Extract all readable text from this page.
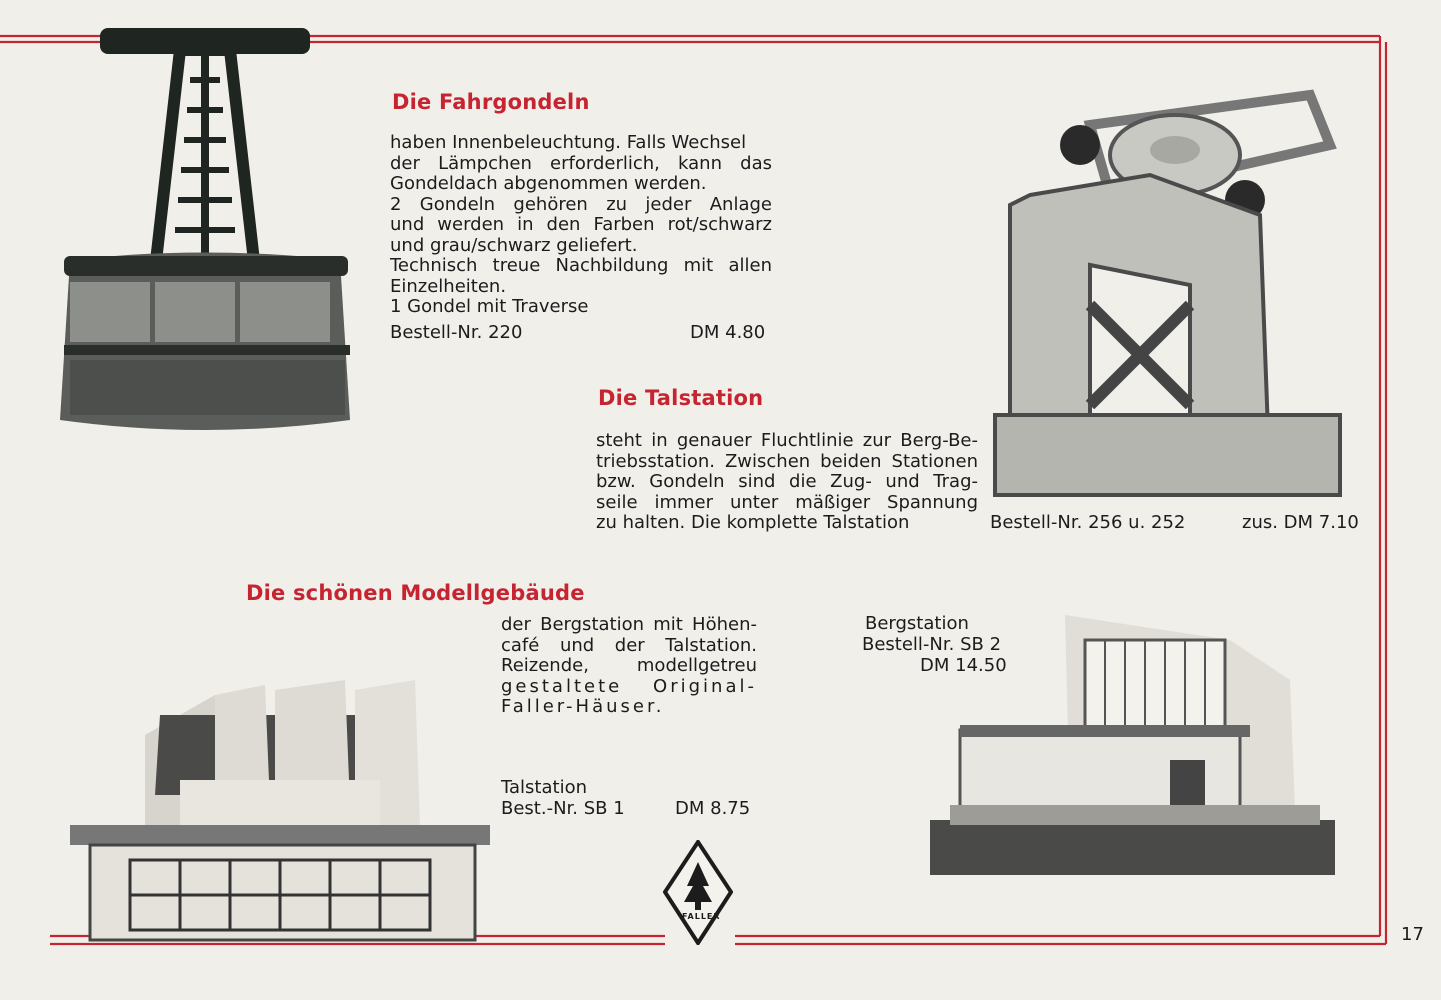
FALLER
Die Fahrgondeln
haben Innenbeleuchtung. Falls Wechsel
der Lämpchen erforderlich, kann das
Gondeldach abgenommen werden.
2 Gondeln gehören zu jeder Anlage
und werden in den Farben rot/schwarz
und grau/schwarz geliefert.
Technisch treue Nachbildung mit allen
Einzelheiten.
1 Gondel mit Traverse
Bestell-Nr. 220	DM 4.80
Die Talstation
steht in genauer Fluchtlinie zur Berg-Be-
triebsstation. Zwischen beiden Stationen
bzw. Gondeln sind die Zug- und Trag-
seile immer unter mäßiger Spannung
zu halten. Die komplette Talstation	Bestell-Nr. 256 u. 252	zus. DM 7.10
Die schönen Modellgebäude
der Bergstation mit Höhen-
café und der Talstation.
Reizende, modellgetreu
gestaltete Original-
Faller-Häuser.
Talstation
Best.-Nr. SB 1	DM 8.75
Bergstation
Bestell-Nr. SB 2
DM 14.50
17
